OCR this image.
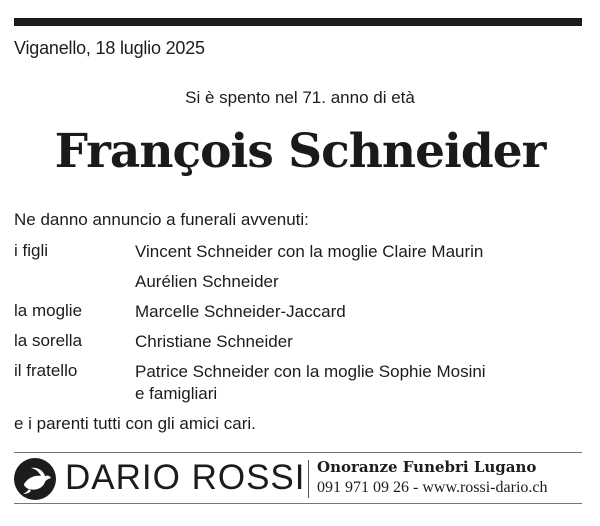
Viganello, 18 luglio 2025
Si è spento nel 71. anno di età
François Schneider
Ne danno annuncio a funerali avvenuti:
i figli	Vincent Schneider con la moglie Claire Maurin
Aurélien Schneider
la moglie	Marcelle Schneider-Jaccard
la sorella	Christiane Schneider
il fratello	Patrice Schneider con la moglie Sophie Mosini
e famigliari
e i parenti tutti con gli amici cari.
DARIO ROSSI Onoranze Funebri Lugano
091 971 09 26 - www.rossi-dario.ch
